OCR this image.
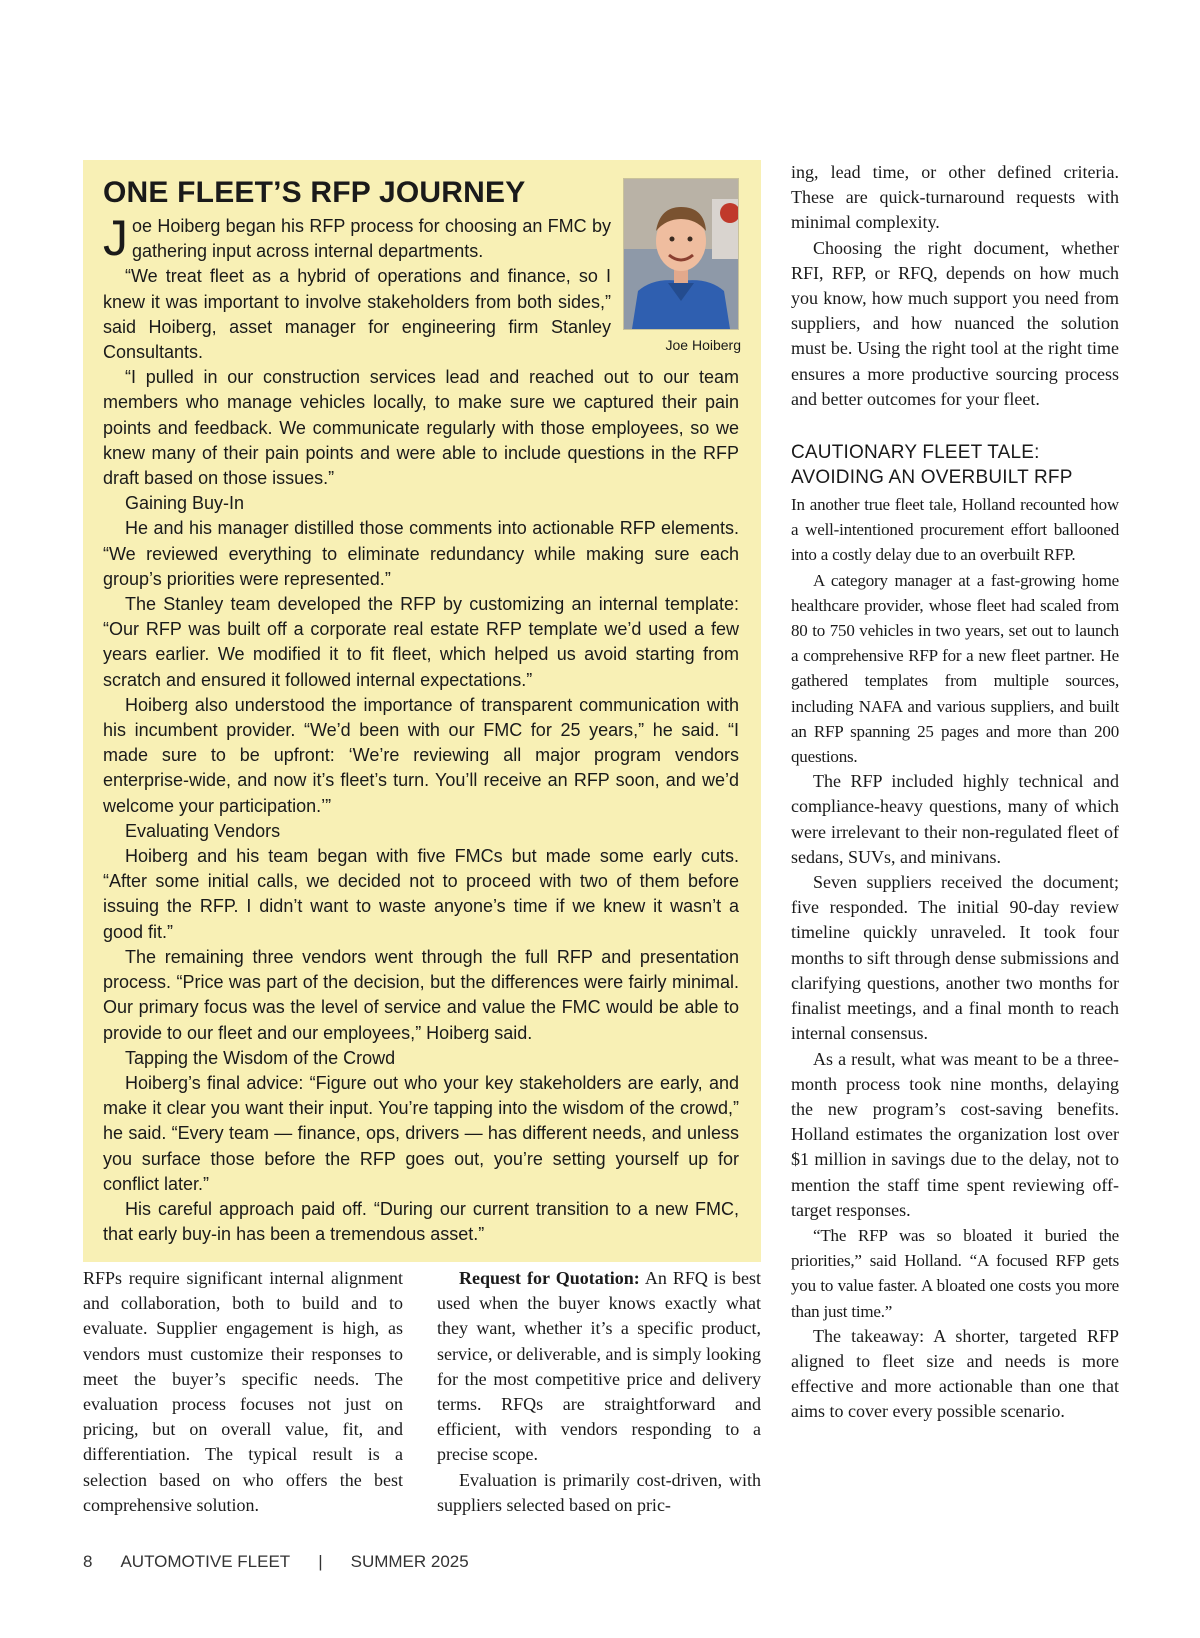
ONE FLEET’S RFP JOURNEY
Joe Hoiberg

Joe Hoiberg began his RFP process for choosing an FMC by gathering input across internal departments.

“We treat fleet as a hybrid of operations and finance, so I knew it was important to involve stakeholders from both sides,” said Hoiberg, asset manager for engineering firm Stanley Consultants.

“I pulled in our construction services lead and reached out to our team members who manage vehicles locally, to make sure we captured their pain points and feedback. We communicate regularly with those employees, so we knew many of their pain points and were able to include questions in the RFP draft based on those issues.”

Gaining Buy-In

He and his manager distilled those comments into actionable RFP elements. “We reviewed everything to eliminate redundancy while making sure each group’s priorities were represented.”

The Stanley team developed the RFP by customizing an internal template: “Our RFP was built off a corporate real estate RFP template we’d used a few years earlier. We modified it to fit fleet, which helped us avoid starting from scratch and ensured it followed internal expectations.”

Hoiberg also understood the importance of transparent communication with his incumbent provider. “We’d been with our FMC for 25 years,” he said. “I made sure to be upfront: ‘We’re reviewing all major program vendors enterprise-wide, and now it’s fleet’s turn. You’ll receive an RFP soon, and we’d welcome your participation.’”

Evaluating Vendors

Hoiberg and his team began with five FMCs but made some early cuts. “After some initial calls, we decided not to proceed with two of them before issuing the RFP. I didn’t want to waste anyone’s time if we knew it wasn’t a good fit.”

The remaining three vendors went through the full RFP and presentation process. “Price was part of the decision, but the differences were fairly minimal. Our primary focus was the level of service and value the FMC would be able to provide to our fleet and our employees,” Hoiberg said.

Tapping the Wisdom of the Crowd

Hoiberg’s final advice: “Figure out who your key stakeholders are early, and make it clear you want their input. You’re tapping into the wisdom of the crowd,” he said. “Every team — finance, ops, drivers — has different needs, and unless you surface those before the RFP goes out, you’re setting yourself up for conflict later.”

His careful approach paid off. “During our current transition to a new FMC, that early buy-in has been a tremendous asset.”

RFPs require significant internal alignment and collaboration, both to build and to evaluate. Supplier engagement is high, as vendors must customize their responses to meet the buyer’s specific needs. The evaluation process focuses not just on pricing, but on overall value, fit, and differentiation. The typical result is a selection based on who offers the best comprehensive solution.

Request for Quotation: An RFQ is best used when the buyer knows exactly what they want, whether it’s a specific product, service, or deliverable, and is simply looking for the most competitive price and delivery terms. RFQs are straightforward and efficient, with vendors responding to a precise scope.

Evaluation is primarily cost-driven, with suppliers selected based on pric-

ing, lead time, or other defined criteria. These are quick-turnaround requests with minimal complexity.

Choosing the right document, whether RFI, RFP, or RFQ, depends on how much you know, how much support you need from suppliers, and how nuanced the solution must be. Using the right tool at the right time ensures a more productive sourcing process and better outcomes for your fleet.

CAUTIONARY FLEET TALE: AVOIDING AN OVERBUILT RFP

In another true fleet tale, Holland recounted how a well-intentioned procurement effort ballooned into a costly delay due to an overbuilt RFP.

A category manager at a fast-growing home healthcare provider, whose fleet had scaled from 80 to 750 vehicles in two years, set out to launch a comprehensive RFP for a new fleet partner. He gathered templates from multiple sources, including NAFA and various suppliers, and built an RFP spanning 25 pages and more than 200 questions.

The RFP included highly technical and compliance-heavy questions, many of which were irrelevant to their non-regulated fleet of sedans, SUVs, and minivans.

Seven suppliers received the document; five responded. The initial 90-day review timeline quickly unraveled. It took four months to sift through dense submissions and clarifying questions, another two months for finalist meetings, and a final month to reach internal consensus.

As a result, what was meant to be a three-month process took nine months, delaying the new program’s cost-saving benefits. Holland estimates the organization lost over $1 million in savings due to the delay, not to mention the staff time spent reviewing off-target responses.

“The RFP was so bloated it buried the priorities,” said Holland. “A focused RFP gets you to value faster. A bloated one costs you more than just time.”

The takeaway: A shorter, targeted RFP aligned to fleet size and needs is more effective and more actionable than one that aims to cover every possible scenario.

8 AUTOMOTIVE FLEET | SUMMER 2025
